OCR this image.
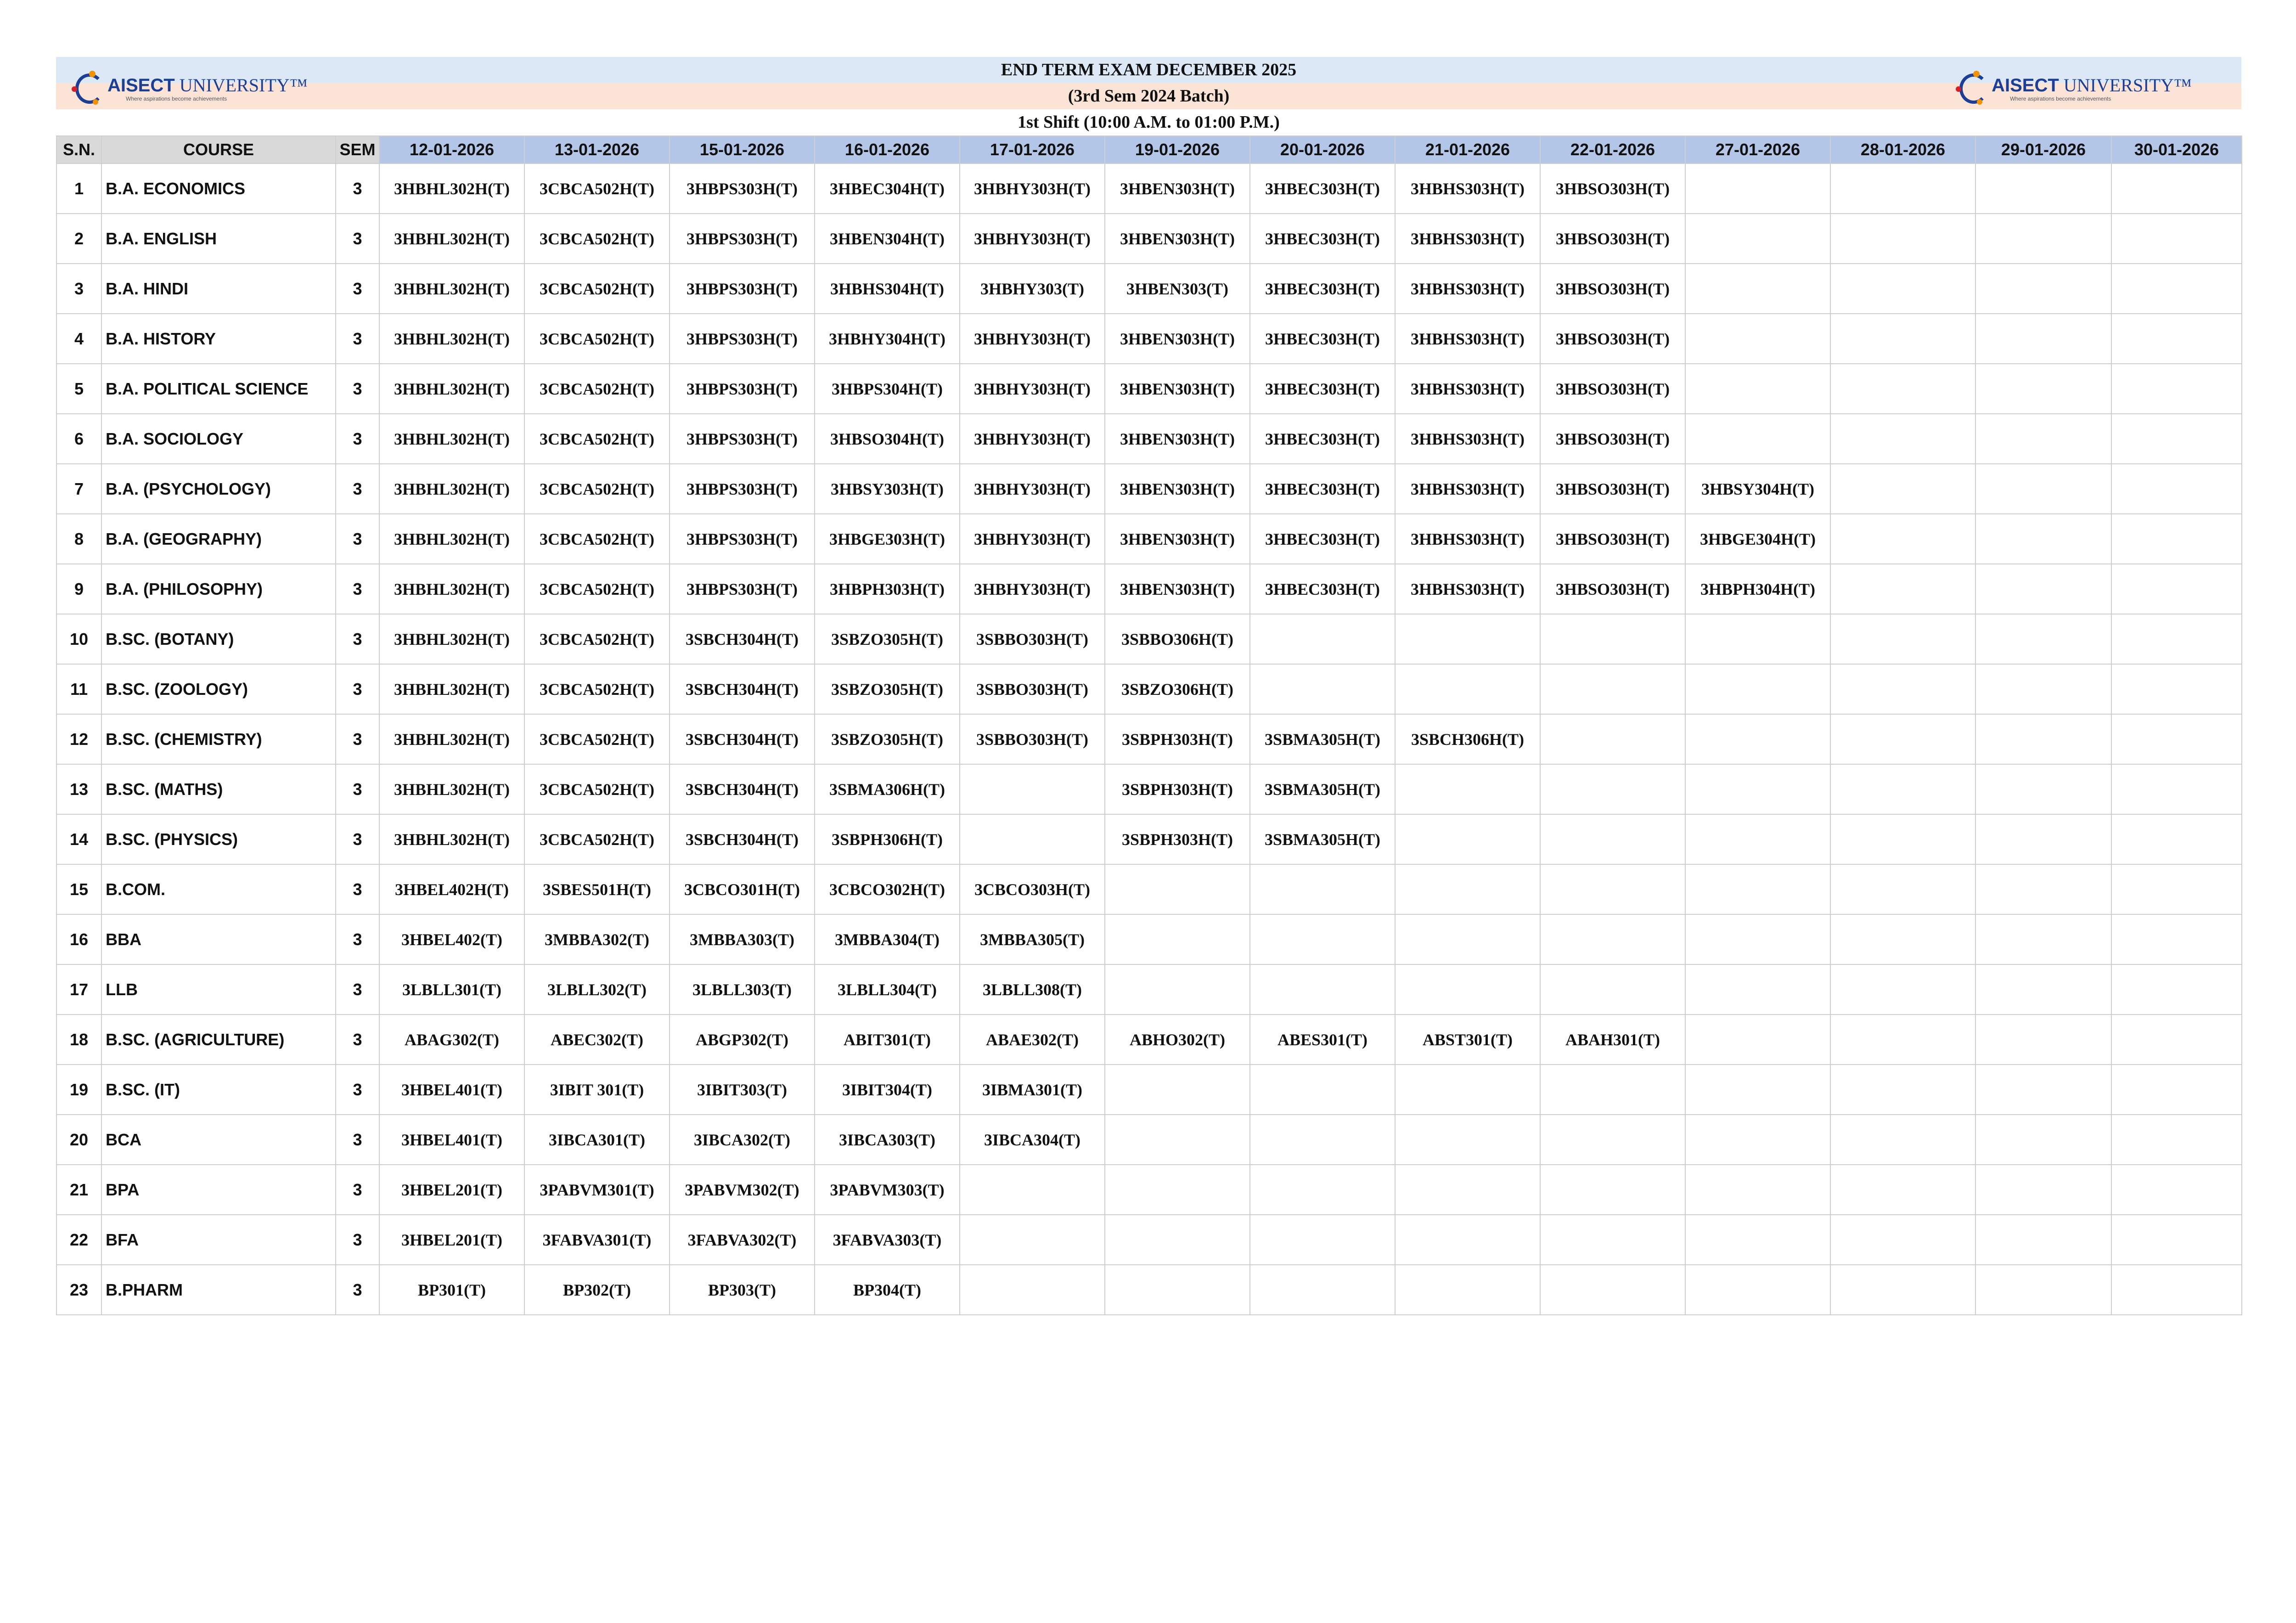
END TERM EXAM DECEMBER 2025
(3rd Sem 2024 Batch)
1st Shift (10:00 A.M. to 01:00 P.M.)
AISECT UNIVERSITY™
Where aspirations become achievements
AISECT UNIVERSITY™
Where aspirations become achievements
S.N.	COURSE	SEM	12-01-2026	13-01-2026	15-01-2026	16-01-2026	17-01-2026	19-01-2026	20-01-2026	21-01-2026	22-01-2026	27-01-2026	28-01-2026	29-01-2026	30-01-2026
1	B.A. ECONOMICS	3	3HBHL302H(T)	3CBCA502H(T)	3HBPS303H(T)	3HBEC304H(T)	3HBHY303H(T)	3HBEN303H(T)	3HBEC303H(T)	3HBHS303H(T)	3HBSO303H(T)				
2	B.A. ENGLISH	3	3HBHL302H(T)	3CBCA502H(T)	3HBPS303H(T)	3HBEN304H(T)	3HBHY303H(T)	3HBEN303H(T)	3HBEC303H(T)	3HBHS303H(T)	3HBSO303H(T)				
3	B.A. HINDI	3	3HBHL302H(T)	3CBCA502H(T)	3HBPS303H(T)	3HBHS304H(T)	3HBHY303(T)	3HBEN303(T)	3HBEC303H(T)	3HBHS303H(T)	3HBSO303H(T)				
4	B.A. HISTORY	3	3HBHL302H(T)	3CBCA502H(T)	3HBPS303H(T)	3HBHY304H(T)	3HBHY303H(T)	3HBEN303H(T)	3HBEC303H(T)	3HBHS303H(T)	3HBSO303H(T)				
5	B.A. POLITICAL SCIENCE	3	3HBHL302H(T)	3CBCA502H(T)	3HBPS303H(T)	3HBPS304H(T)	3HBHY303H(T)	3HBEN303H(T)	3HBEC303H(T)	3HBHS303H(T)	3HBSO303H(T)				
6	B.A. SOCIOLOGY	3	3HBHL302H(T)	3CBCA502H(T)	3HBPS303H(T)	3HBSO304H(T)	3HBHY303H(T)	3HBEN303H(T)	3HBEC303H(T)	3HBHS303H(T)	3HBSO303H(T)				
7	B.A. (PSYCHOLOGY)	3	3HBHL302H(T)	3CBCA502H(T)	3HBPS303H(T)	3HBSY303H(T)	3HBHY303H(T)	3HBEN303H(T)	3HBEC303H(T)	3HBHS303H(T)	3HBSO303H(T)	3HBSY304H(T)			
8	B.A. (GEOGRAPHY)	3	3HBHL302H(T)	3CBCA502H(T)	3HBPS303H(T)	3HBGE303H(T)	3HBHY303H(T)	3HBEN303H(T)	3HBEC303H(T)	3HBHS303H(T)	3HBSO303H(T)	3HBGE304H(T)			
9	B.A. (PHILOSOPHY)	3	3HBHL302H(T)	3CBCA502H(T)	3HBPS303H(T)	3HBPH303H(T)	3HBHY303H(T)	3HBEN303H(T)	3HBEC303H(T)	3HBHS303H(T)	3HBSO303H(T)	3HBPH304H(T)			
10	B.SC. (BOTANY)	3	3HBHL302H(T)	3CBCA502H(T)	3SBCH304H(T)	3SBZO305H(T)	3SBBO303H(T)	3SBBO306H(T)							
11	B.SC. (ZOOLOGY)	3	3HBHL302H(T)	3CBCA502H(T)	3SBCH304H(T)	3SBZO305H(T)	3SBBO303H(T)	3SBZO306H(T)							
12	B.SC. (CHEMISTRY)	3	3HBHL302H(T)	3CBCA502H(T)	3SBCH304H(T)	3SBZO305H(T)	3SBBO303H(T)	3SBPH303H(T)	3SBMA305H(T)	3SBCH306H(T)					
13	B.SC. (MATHS)	3	3HBHL302H(T)	3CBCA502H(T)	3SBCH304H(T)	3SBMA306H(T)		3SBPH303H(T)	3SBMA305H(T)						
14	B.SC. (PHYSICS)	3	3HBHL302H(T)	3CBCA502H(T)	3SBCH304H(T)	3SBPH306H(T)		3SBPH303H(T)	3SBMA305H(T)						
15	B.COM.	3	3HBEL402H(T)	3SBES501H(T)	3CBCO301H(T)	3CBCO302H(T)	3CBCO303H(T)								
16	BBA	3	3HBEL402(T)	3MBBA302(T)	3MBBA303(T)	3MBBA304(T)	3MBBA305(T)								
17	LLB	3	3LBLL301(T)	3LBLL302(T)	3LBLL303(T)	3LBLL304(T)	3LBLL308(T)								
18	B.SC. (AGRICULTURE)	3	ABAG302(T)	ABEC302(T)	ABGP302(T)	ABIT301(T)	ABAE302(T)	ABHO302(T)	ABES301(T)	ABST301(T)	ABAH301(T)				
19	B.SC. (IT)	3	3HBEL401(T)	3IBIT 301(T)	3IBIT303(T)	3IBIT304(T)	3IBMA301(T)								
20	BCA	3	3HBEL401(T)	3IBCA301(T)	3IBCA302(T)	3IBCA303(T)	3IBCA304(T)								
21	BPA	3	3HBEL201(T)	3PABVM301(T)	3PABVM302(T)	3PABVM303(T)									
22	BFA	3	3HBEL201(T)	3FABVA301(T)	3FABVA302(T)	3FABVA303(T)									
23	B.PHARM	3	BP301(T)	BP302(T)	BP303(T)	BP304(T)									
